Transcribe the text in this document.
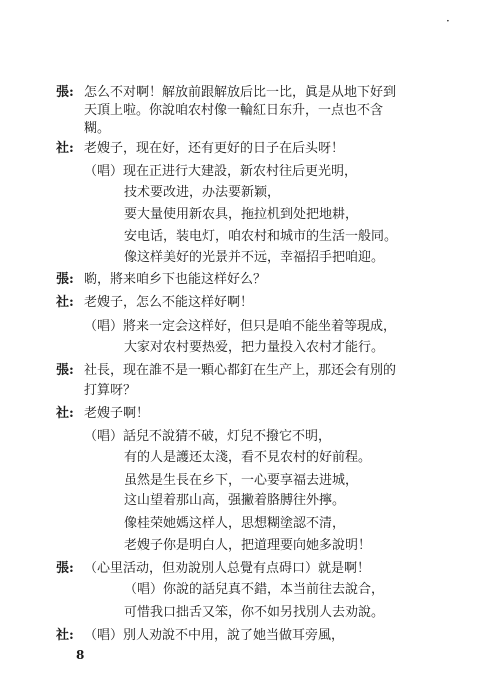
·
張: 怎么不对啊！解放前跟解放后比一比，眞是从地下好到
天頂上啦。你說咱农村像一輪紅日东升，一点也不含
糊。
社: 老嫂子，现在好，还有更好的日子在后头呀！
（唱）现在正进行大建設，新农村往后更光明，
技术要改进，办法要新颖，
要大量使用新农具，拖拉机到处把地耕，
安电话，装电灯，咱农村和城市的生活一般同。
像这样美好的光景并不远，幸福招手把咱迎。
張: 喲，將来咱乡下也能这样好么？
社: 老嫂子，怎么不能这样好啊！
（唱）將来一定会这样好，但只是咱不能坐着等現成，
大家对农村要热爱，把力量投入农村才能行。
張: 社長，现在誰不是一顆心都釘在生产上，那还会有別的
打算呀？
社: 老嫂子啊！
（唱）話兒不說猜不破，灯兒不撥它不明，
有的人是護还太淺，看不見农村的好前程。
虽然是生長在乡下，一心要享福去进城，
这山望着那山高，强撇着胳膊往外擰。
像桂荣她媽这样人，思想糊塗認不清，
老嫂子你是明白人，把道理要向她多說明！
張: （心里活动，但劝說別人总覺有点碍口）就是啊！
（唱）你說的話兒真不錯，本当前往去說合，
可惜我口拙舌又笨，你不如另找別人去劝說。
社: （唱）別人劝說不中用，說了她当做耳旁風，
8
